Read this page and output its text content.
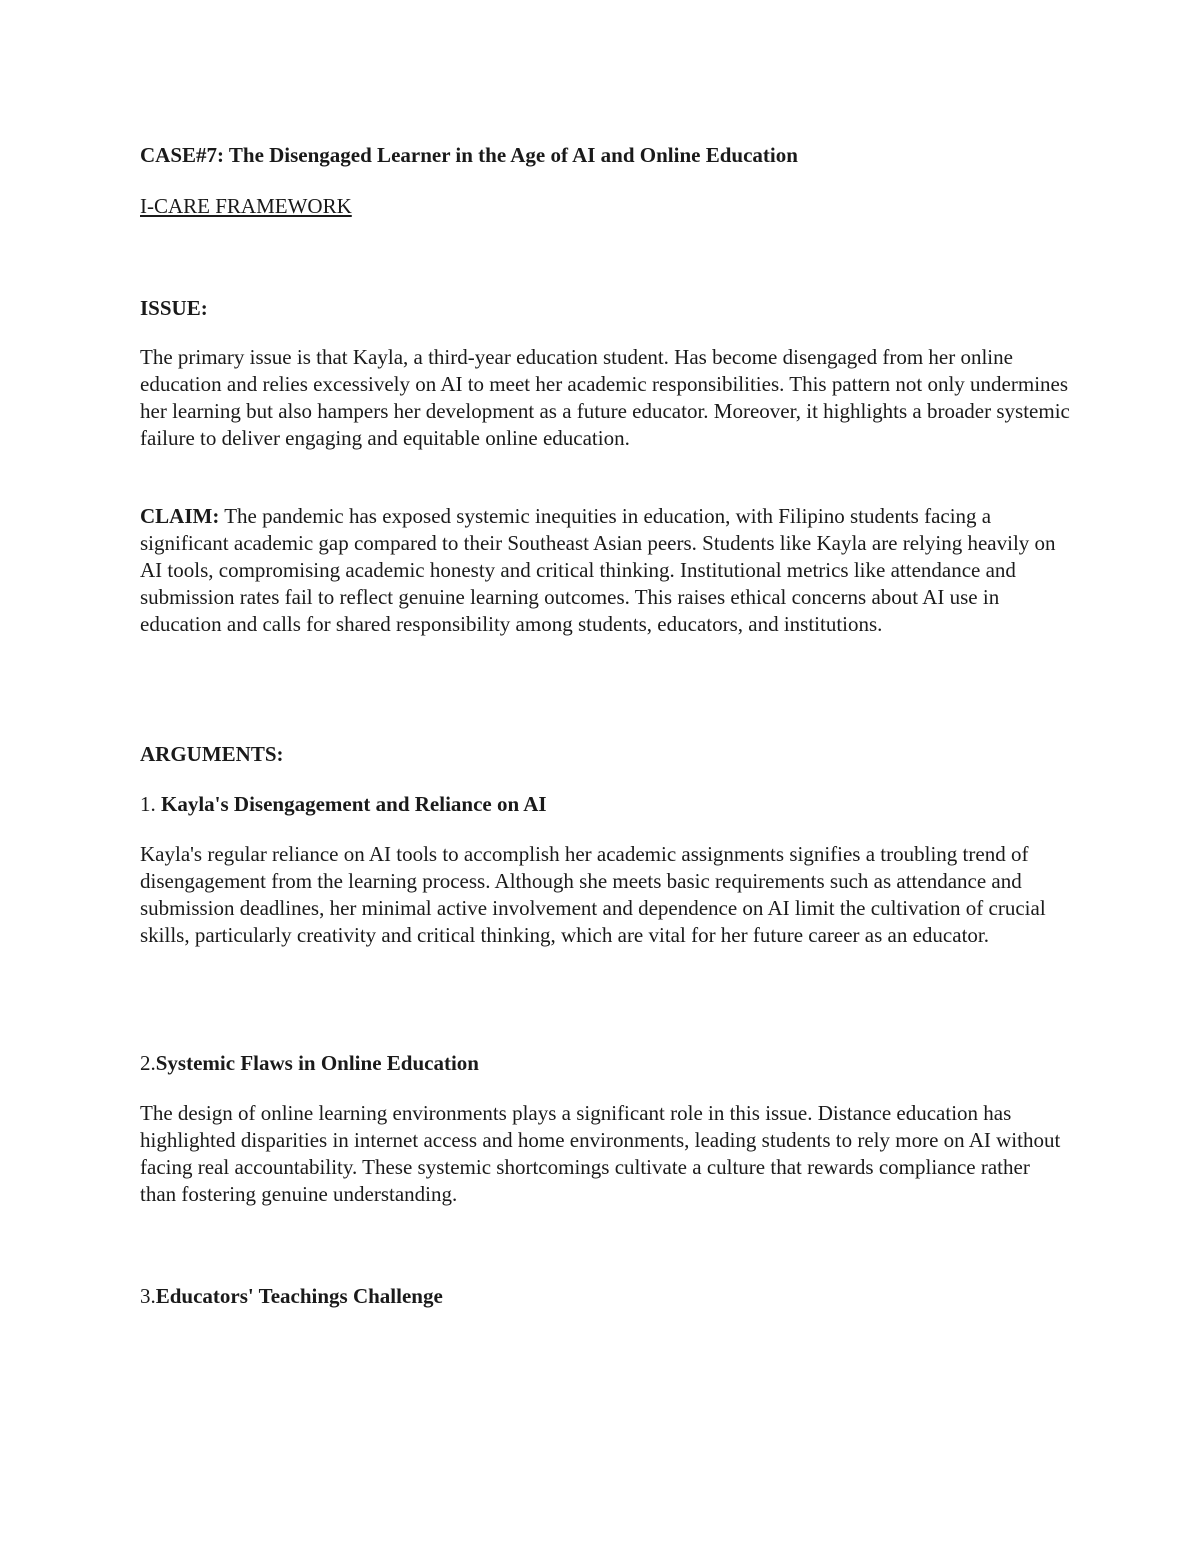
CASE#7: The Disengaged Learner in the Age of AI and Online Education

I-CARE FRAMEWORK

ISSUE:

The primary issue is that Kayla, a third-year education student. Has become disengaged from her online education and relies excessively on AI to meet her academic responsibilities. This pattern not only undermines her learning but also hampers her development as a future educator. Moreover, it highlights a broader systemic failure to deliver engaging and equitable online education.

CLAIM: The pandemic has exposed systemic inequities in education, with Filipino students facing a significant academic gap compared to their Southeast Asian peers. Students like Kayla are relying heavily on AI tools, compromising academic honesty and critical thinking. Institutional metrics like attendance and submission rates fail to reflect genuine learning outcomes. This raises ethical concerns about AI use in education and calls for shared responsibility among students, educators, and institutions.

ARGUMENTS:

1. Kayla's Disengagement and Reliance on AI

Kayla's regular reliance on AI tools to accomplish her academic assignments signifies a troubling trend of disengagement from the learning process. Although she meets basic requirements such as attendance and submission deadlines, her minimal active involvement and dependence on AI limit the cultivation of crucial skills, particularly creativity and critical thinking, which are vital for her future career as an educator.

2.Systemic Flaws in Online Education

The design of online learning environments plays a significant role in this issue. Distance education has highlighted disparities in internet access and home environments, leading students to rely more on AI without facing real accountability. These systemic shortcomings cultivate a culture that rewards compliance rather than fostering genuine understanding.

3.Educators' Teachings Challenge
